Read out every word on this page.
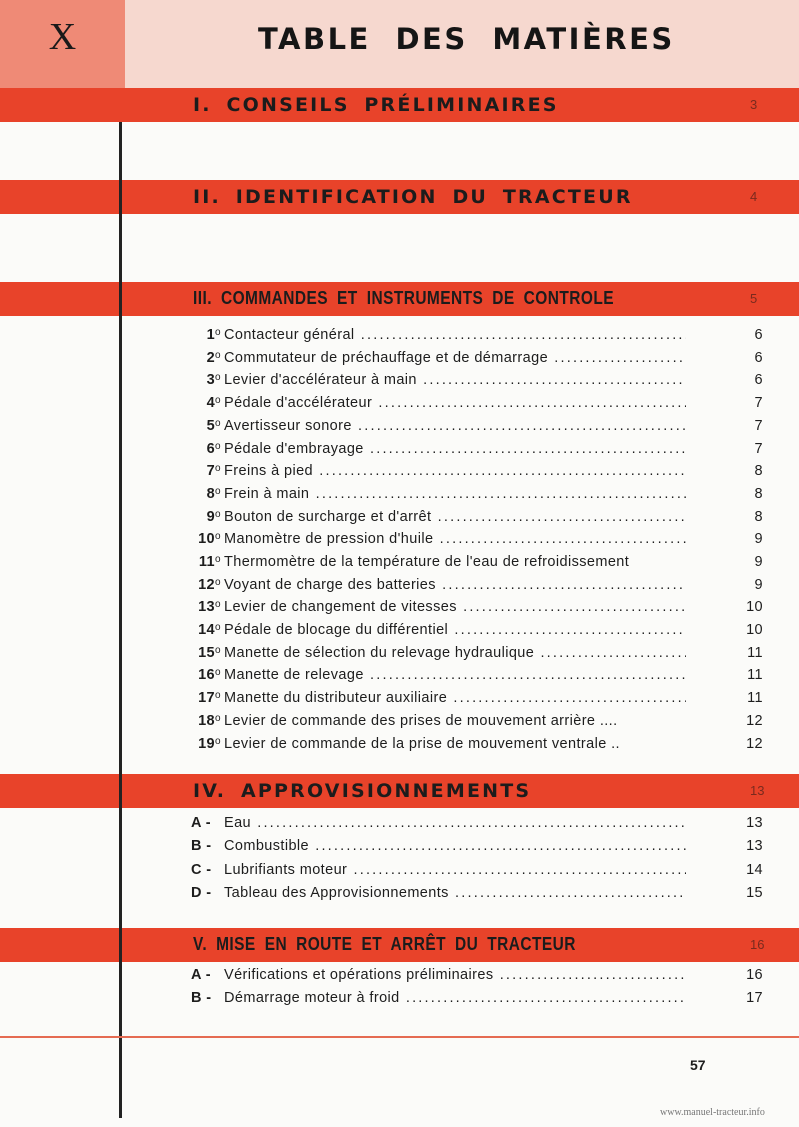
X	TABLE DES MATIÈRES
I. CONSEILS PRÉLIMINAIRES	3
II. IDENTIFICATION DU TRACTEUR	4
III. COMMANDES ET INSTRUMENTS DE CONTROLE	5
IV. APPROVISIONNEMENTS	13
V. MISE EN ROUTE ET ARRÊT DU TRACTEUR	16
1$^o$ Contacteur général .....	6
2$^o$ Commutateur de préchauffage et de démarrage .....	6
3$^o$ Levier d'accélérateur à main .....	6
4$^o$ Pédale d'accélérateur .....	7
5$^o$ Avertisseur sonore .....	7
6$^o$ Pédale d'embrayage .....	7
7$^o$ Freins à pied .....	8
8$^o$ Frein à main .....	8
9$^o$ Bouton de surcharge et d'arrêt .....	8
10$^o$ Manomètre de pression d'huile .....	9
11$^o$ Thermomètre de la température de l'eau de refroidissement	9
12$^o$ Voyant de charge des batteries .....	9
13$^o$ Levier de changement de vitesses .....	10
14$^o$ Pédale de blocage du différentiel .....	10
15$^o$ Manette de sélection du relevage hydraulique .....	11
16$^o$ Manette de relevage .....	11
17$^o$ Manette du distributeur auxiliaire .....	11
18$^o$ Levier de commande des prises de mouvement arrière ....	12
19$^o$ Levier de commande de la prise de mouvement ventrale ..	12
A - Eau .....	13
B - Combustible .....	13
C - Lubrifiants moteur .....	14
D - Tableau des Approvisionnements .....	15
A - Vérifications et opérations préliminaires .....	16
B - Démarrage moteur à froid .....	17
57
www.manuel-tracteur.info
